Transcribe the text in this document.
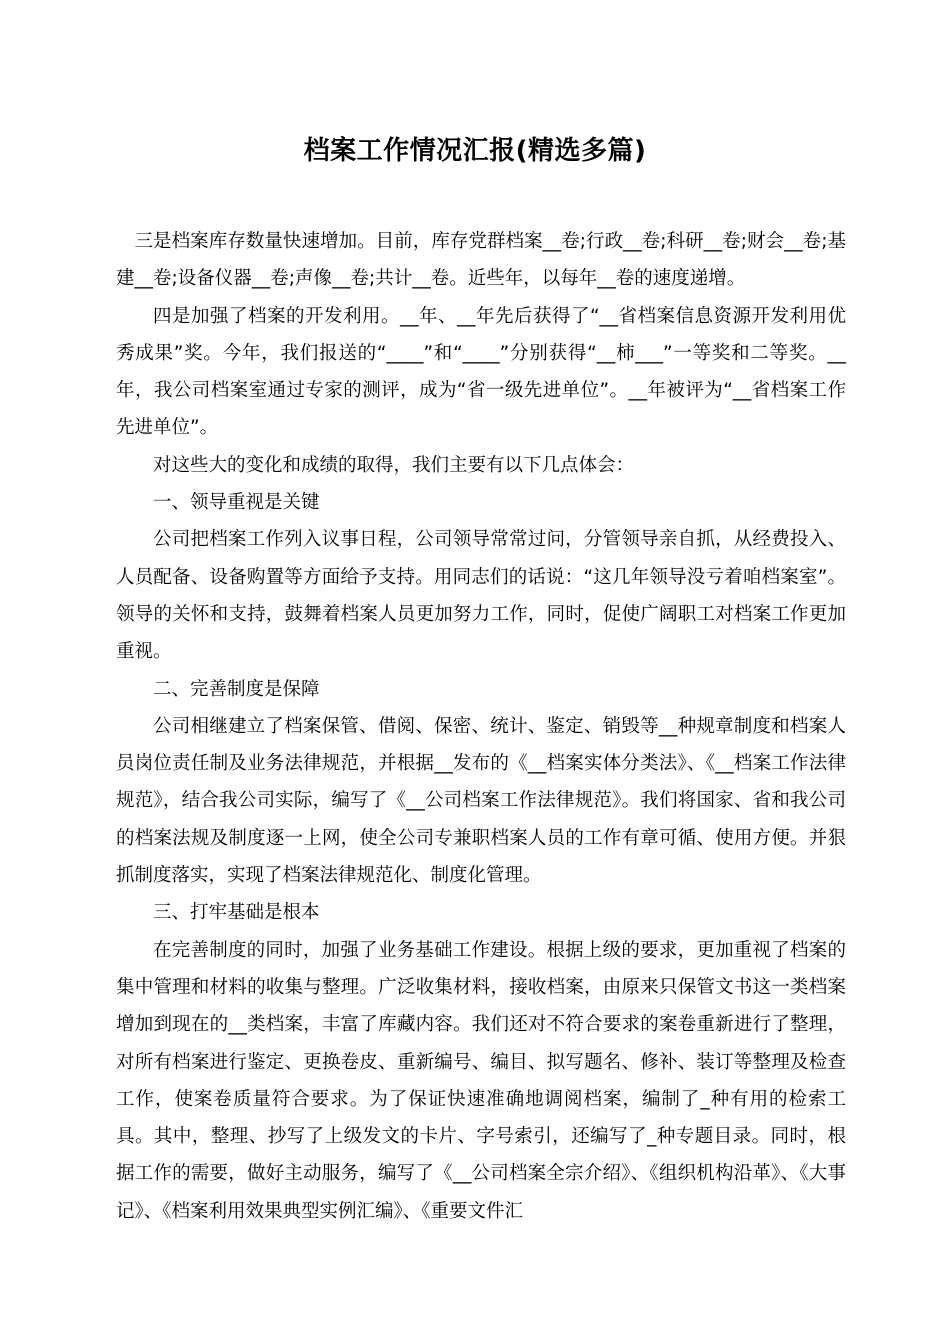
档案工作情况汇报(精选多篇)

三是档案库存数量快速增加。目前，库存党群档案__卷;行政__卷;科研__卷;财会__卷;基建__卷;设备仪器__卷;声像__卷;共计__卷。近些年，以每年__卷的速度递增。

四是加强了档案的开发利用。__年、__年先后获得了“__省档案信息资源开发利用优秀成果”奖。今年，我们报送的“____”和“____”分别获得“__柿___”一等奖和二等奖。__年，我公司档案室通过专家的测评，成为“省一级先进单位”。__年被评为“__省档案工作先进单位”。

对这些大的变化和成绩的取得，我们主要有以下几点体会：

一、领导重视是关键

公司把档案工作列入议事日程，公司领导常常过问，分管领导亲自抓，从经费投入、人员配备、设备购置等方面给予支持。用同志们的话说：“这几年领导没亏着咱档案室”。领导的关怀和支持，鼓舞着档案人员更加努力工作，同时，促使广阔职工对档案工作更加重视。

二、完善制度是保障

公司相继建立了档案保管、借阅、保密、统计、鉴定、销毁等__种规章制度和档案人员岗位责任制及业务法律规范，并根据__发布的《__档案实体分类法》、《__档案工作法律规范》，结合我公司实际，编写了《__公司档案工作法律规范》。我们将国家、省和我公司的档案法规及制度逐一上网，使全公司专兼职档案人员的工作有章可循、使用方便。并狠抓制度落实，实现了档案法律规范化、制度化管理。

三、打牢基础是根本

在完善制度的同时，加强了业务基础工作建设。根据上级的要求，更加重视了档案的集中管理和材料的收集与整理。广泛收集材料，接收档案，由原来只保管文书这一类档案增加到现在的__类档案，丰富了库藏内容。我们还对不符合要求的案卷重新进行了整理，对所有档案进行鉴定、更换卷皮、重新编号、编目、拟写题名、修补、装订等整理及检查工作，使案卷质量符合要求。为了保证快速准确地调阅档案，编制了_种有用的检索工具。其中，整理、抄写了上级发文的卡片、字号索引，还编写了_种专题目录。同时，根据工作的需要，做好主动服务，编写了《__公司档案全宗介绍》、《组织机构沿革》、《大事记》、《档案利用效果典型实例汇编》、《重要文件汇
